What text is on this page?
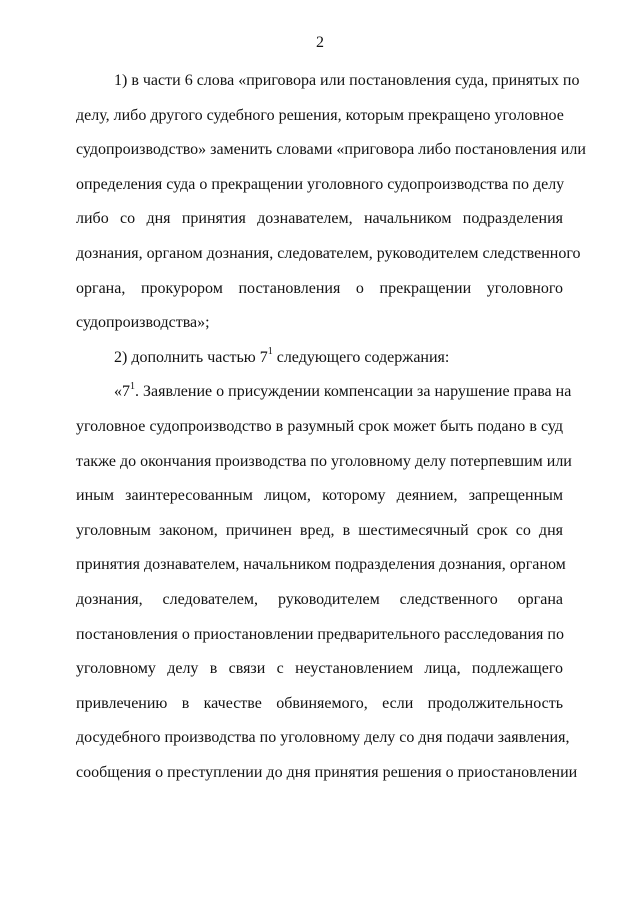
2
1) в части 6 слова «приговора или постановления суда, принятых по
делу, либо другого судебного решения, которым прекращено уголовное
судопроизводство» заменить словами «приговора либо постановления или
определения суда о прекращении уголовного судопроизводства по делу
либо со дня принятия дознавателем, начальником подразделения
дознания, органом дознания, следователем, руководителем следственного
органа, прокурором постановления о прекращении уголовного
судопроизводства»;
2) дополнить частью $7^1$ следующего содержания:
«$7^1$. Заявление о присуждении компенсации за нарушение права на
уголовное судопроизводство в разумный срок может быть подано в суд
также до окончания производства по уголовному делу потерпевшим или
иным заинтересованным лицом, которому деянием, запрещенным
уголовным законом, причинен вред, в шестимесячный срок со дня
принятия дознавателем, начальником подразделения дознания, органом
дознания, следователем, руководителем следственного органа
постановления о приостановлении предварительного расследования по
уголовному делу в связи с неустановлением лица, подлежащего
привлечению в качестве обвиняемого, если продолжительность
досудебного производства по уголовному делу со дня подачи заявления,
сообщения о преступлении до дня принятия решения о приостановлении
